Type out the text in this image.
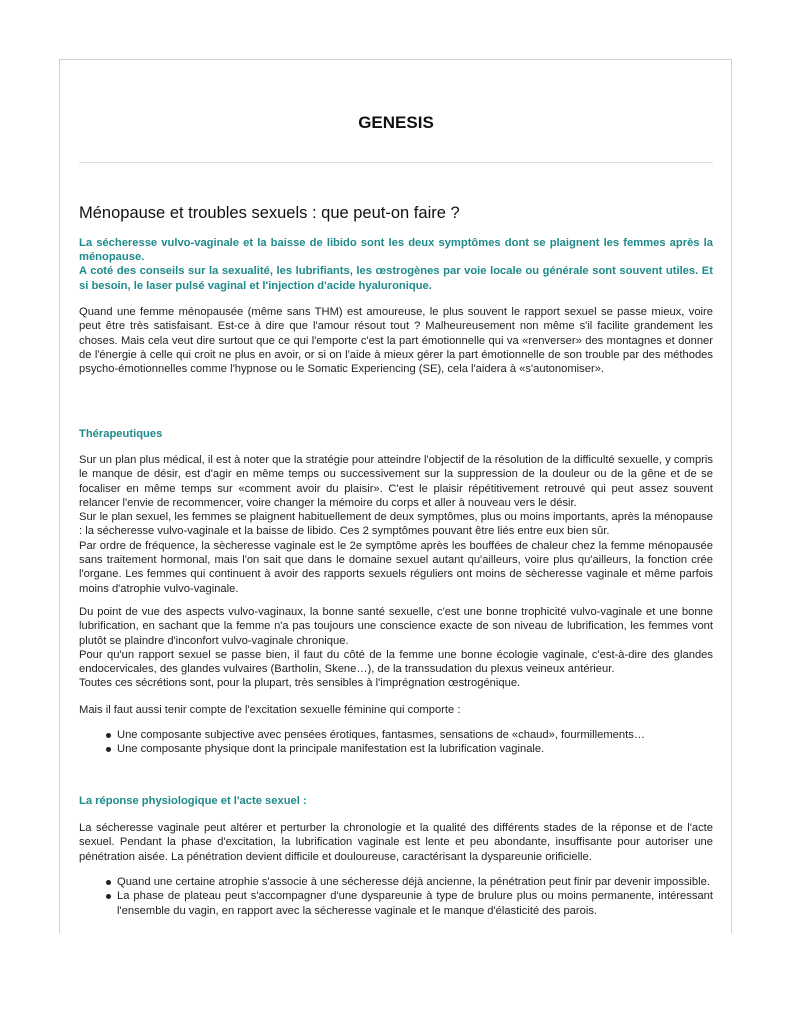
GENESIS
Ménopause et troubles sexuels : que peut-on faire ?

La sécheresse vulvo-vaginale et la baisse de libido sont les deux symptômes dont se plaignent les femmes après la ménopause.

A coté des conseils sur la sexualité, les lubrifiants, les œstrogènes par voie locale ou générale sont souvent utiles. Et si besoin, le laser pulsé vaginal et l'injection d'acide hyaluronique.

Quand une femme ménopausée (même sans THM) est amoureuse, le plus souvent le rapport sexuel se passe mieux, voire peut être très satisfaisant. Est-ce à dire que l'amour résout tout ? Malheureusement non même s'il facilite grandement les choses. Mais cela veut dire surtout que ce qui l'emporte c'est la part émotionnelle qui va «renverser» des montagnes et donner de l'énergie à celle qui croit ne plus en avoir, or si on l'aide à mieux gérer la part émotionnelle de son trouble par des méthodes psycho-émotionnelles comme l'hypnose ou le Somatic Experiencing (SE), cela l'aidera à «s'autonomiser».

Thérapeutiques
Sur un plan plus médical, il est à noter que la stratégie pour atteindre l'objectif de la résolution de la difficulté sexuelle, y compris le manque de désir, est d'agir en même temps ou successivement sur la suppression de la douleur ou de la gêne et de se focaliser en même temps sur «comment avoir du plaisir». C'est le plaisir répétitivement retrouvé qui peut assez souvent relancer l'envie de recommencer, voire changer la mémoire du corps et aller à nouveau vers le désir.
Sur le plan sexuel, les femmes se plaignent habituellement de deux symptômes, plus ou moins importants, après la ménopause : la sécheresse vulvo-vaginale et la baisse de libido. Ces 2 symptômes pouvant être liés entre eux bien sûr.
Par ordre de fréquence, la sècheresse vaginale est le 2e symptôme après les bouffées de chaleur chez la femme ménopausée sans traitement hormonal, mais l'on sait que dans le domaine sexuel autant qu'ailleurs, voire plus qu'ailleurs, la fonction crée l'organe. Les femmes qui continuent à avoir des rapports sexuels réguliers ont moins de sècheresse vaginale et même parfois moins d'atrophie vulvo-vaginale.
Du point de vue des aspects vulvo-vaginaux, la bonne santé sexuelle, c'est une bonne trophicité vulvo-vaginale et une bonne lubrification, en sachant que la femme n'a pas toujours une conscience exacte de son niveau de lubrification, les femmes vont plutôt se plaindre d'inconfort vulvo-vaginale chronique.
Pour qu'un rapport sexuel se passe bien, il faut du côté de la femme une bonne écologie vaginale, c'est-à-dire des glandes endocervicales, des glandes vulvaires (Bartholin, Skene…), de la transsudation du plexus veineux antérieur.
Toutes ces sécrétions sont, pour la plupart, très sensibles à l'imprégnation œstrogénique.

Mais il faut aussi tenir compte de l'excitation sexuelle féminine qui comporte :

Une composante subjective avec pensées érotiques, fantasmes, sensations de «chaud», fourmillements…
Une composante physique dont la principale manifestation est la lubrification vaginale.
La réponse physiologique et l'acte sexuel :

La sécheresse vaginale peut altérer et perturber la chronologie et la qualité des différents stades de la réponse et de l'acte sexuel. Pendant la phase d'excitation, la lubrification vaginale est lente et peu abondante, insuffisante pour autoriser une pénétration aisée. La pénétration devient difficile et douloureuse, caractérisant la dyspareunie orificielle.

Quand une certaine atrophie s'associe à une sécheresse déjà ancienne, la pénétration peut finir par devenir impossible.
La phase de plateau peut s'accompagner d'une dyspareunie à type de brulure plus ou moins permanente, intéressant l'ensemble du vagin, en rapport avec la sécheresse vaginale et le manque d'élasticité des parois.
